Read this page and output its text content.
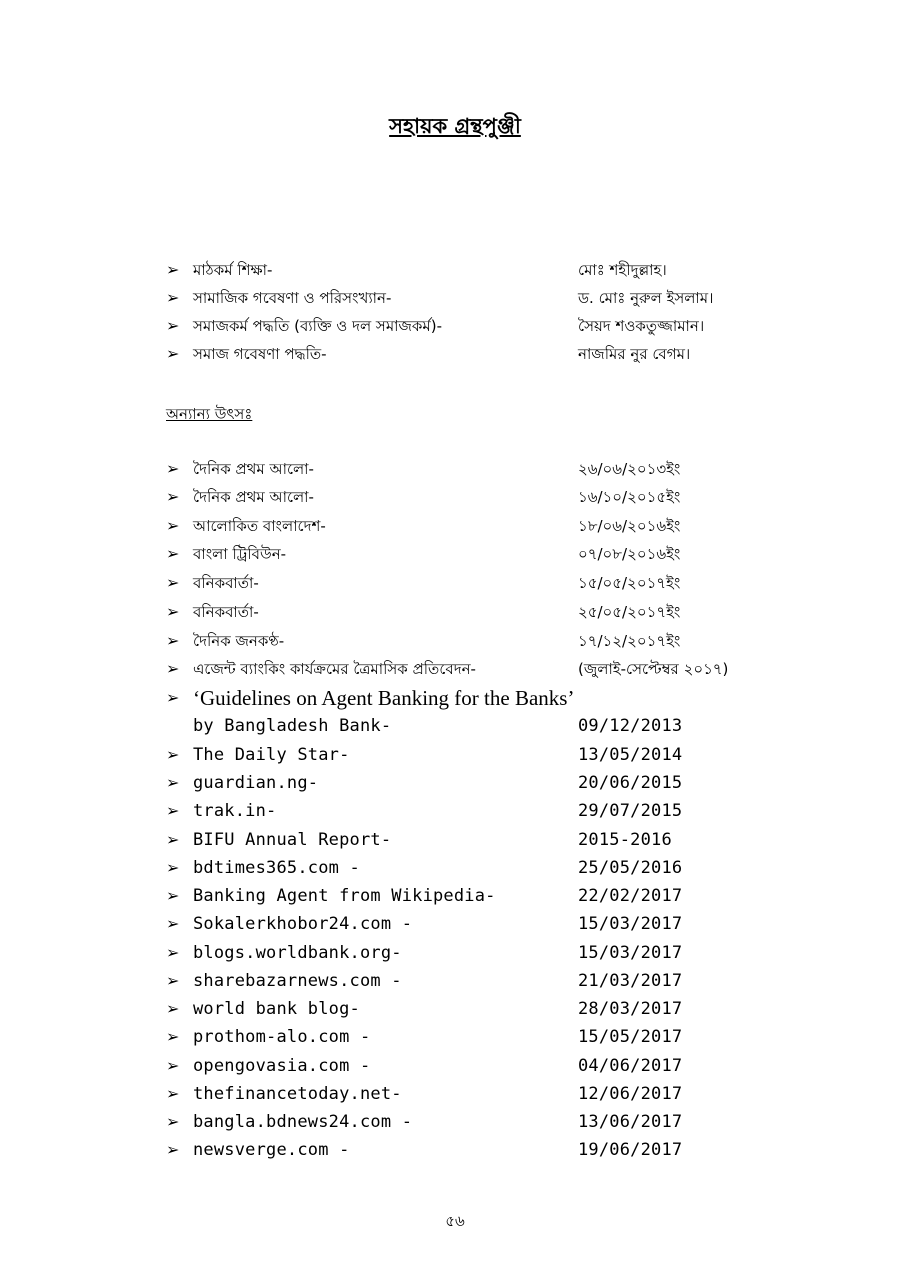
সহায়ক গ্রন্থপুঞ্জী
➢ মাঠকর্ম শিক্ষা-	মোঃ শহীদুল্লাহ।
➢ সামাজিক গবেষণা ও পরিসংখ্যান-	ড. মোঃ নুরুল ইসলাম।
➢ সমাজকর্ম পদ্ধতি (ব্যক্তি ও দল সমাজকর্ম)-	সৈয়দ শওকতুজ্জামান।
➢ সমাজ গবেষণা পদ্ধতি-	নাজমির নুর বেগম।
অন্যান্য উৎসঃ
➢ দৈনিক প্রথম আলো-	২৬/০৬/২০১৩ইং
➢ দৈনিক প্রথম আলো-	১৬/১০/২০১৫ইং
➢ আলোকিত বাংলাদেশ-	১৮/০৬/২০১৬ইং
➢ বাংলা ট্রিবিউন-	০৭/০৮/২০১৬ইং
➢ বনিকবার্তা-	১৫/০৫/২০১৭ইং
➢ বনিকবার্তা-	২৫/০৫/২০১৭ইং
➢ দৈনিক জনকণ্ঠ-	১৭/১২/২০১৭ইং
➢ এজেন্ট ব্যাংকিং কার্যক্রমের ত্রৈমাসিক প্রতিবেদন-	(জুলাই-সেপ্টেম্বর ২০১৭)
➢ ‘Guidelines on Agent Banking for the Banks’
by Bangladesh Bank-	09/12/2013
➢ The Daily Star-	13/05/2014
➢ guardian.ng-	20/06/2015
➢ trak.in-	29/07/2015
➢ BIFU Annual Report-	2015-2016
➢ bdtimes365.com -	25/05/2016
➢ Banking Agent from Wikipedia-	22/02/2017
➢ Sokalerkhobor24.com -	15/03/2017
➢ blogs.worldbank.org-	15/03/2017
➢ sharebazarnews.com -	21/03/2017
➢ world bank blog-	28/03/2017
➢ prothom-alo.com -	15/05/2017
➢ opengovasia.com -	04/06/2017
➢ thefinancetoday.net-	12/06/2017
➢ bangla.bdnews24.com -	13/06/2017
➢ newsverge.com -	19/06/2017
৫৬
